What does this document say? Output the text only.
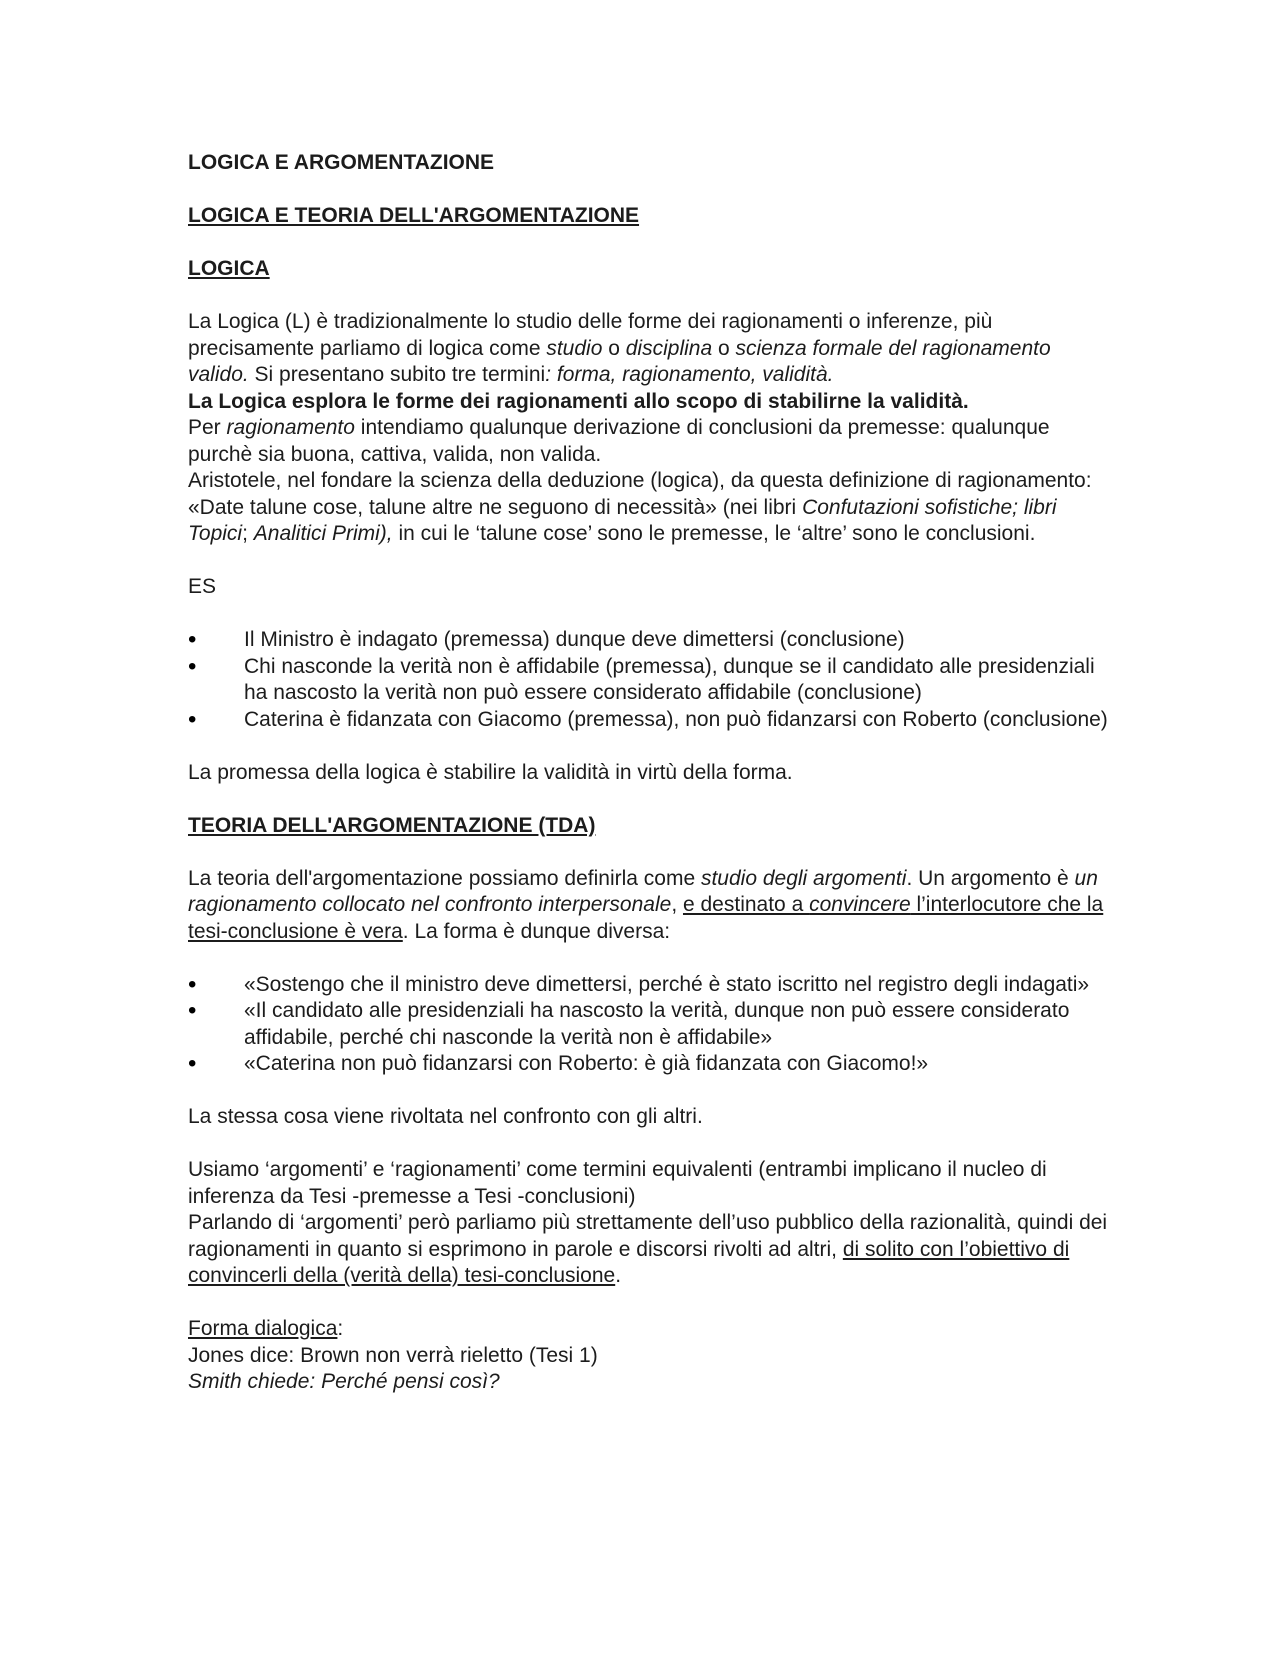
LOGICA E ARGOMENTAZIONE

LOGICA E TEORIA DELL'ARGOMENTAZIONE

LOGICA

La Logica (L) è tradizionalmente lo studio delle forme dei ragionamenti o inferenze, più precisamente parliamo di logica come studio o disciplina o scienza formale del ragionamento valido. Si presentano subito tre termini: forma, ragionamento, validità.

La Logica esplora le forme dei ragionamenti allo scopo di stabilirne la validità.

Per ragionamento intendiamo qualunque derivazione di conclusioni da premesse: qualunque purchè sia buona, cattiva, valida, non valida.

Aristotele, nel fondare la scienza della deduzione (logica), da questa definizione di ragionamento: «Date talune cose, talune altre ne seguono di necessità» (nei libri Confutazioni sofistiche; libri Topici; Analitici Primi), in cui le ‘talune cose’ sono le premesse, le ‘altre’ sono le conclusioni.

ES

• Il Ministro è indagato (premessa) dunque deve dimettersi (conclusione)
• Chi nasconde la verità non è affidabile (premessa), dunque se il candidato alle presidenziali ha nascosto la verità non può essere considerato affidabile (conclusione)
• Caterina è fidanzata con Giacomo (premessa), non può fidanzarsi con Roberto (conclusione)

La promessa della logica è stabilire la validità in virtù della forma.

TEORIA DELL'ARGOMENTAZIONE (TDA)

La teoria dell'argomentazione possiamo definirla come studio degli argomenti. Un argomento è un ragionamento collocato nel confronto interpersonale, e destinato a convincere l’interlocutore che la tesi-conclusione è vera. La forma è dunque diversa:

• «Sostengo che il ministro deve dimettersi, perché è stato iscritto nel registro degli indagati»
• «Il candidato alle presidenziali ha nascosto la verità, dunque non può essere considerato affidabile, perché chi nasconde la verità non è affidabile»
• «Caterina non può fidanzarsi con Roberto: è già fidanzata con Giacomo!»

La stessa cosa viene rivoltata nel confronto con gli altri.

Usiamo ‘argomenti’ e ‘ragionamenti’ come termini equivalenti (entrambi implicano il nucleo di inferenza da Tesi -premesse a Tesi -conclusioni)

Parlando di ‘argomenti’ però parliamo più strettamente dell’uso pubblico della razionalità, quindi dei ragionamenti in quanto si esprimono in parole e discorsi rivolti ad altri, di solito con l’obiettivo di convincerli della (verità della) tesi-conclusione.

Forma dialogica:

Jones dice: Brown non verrà rieletto (Tesi 1)

Smith chiede: Perché pensi così?
